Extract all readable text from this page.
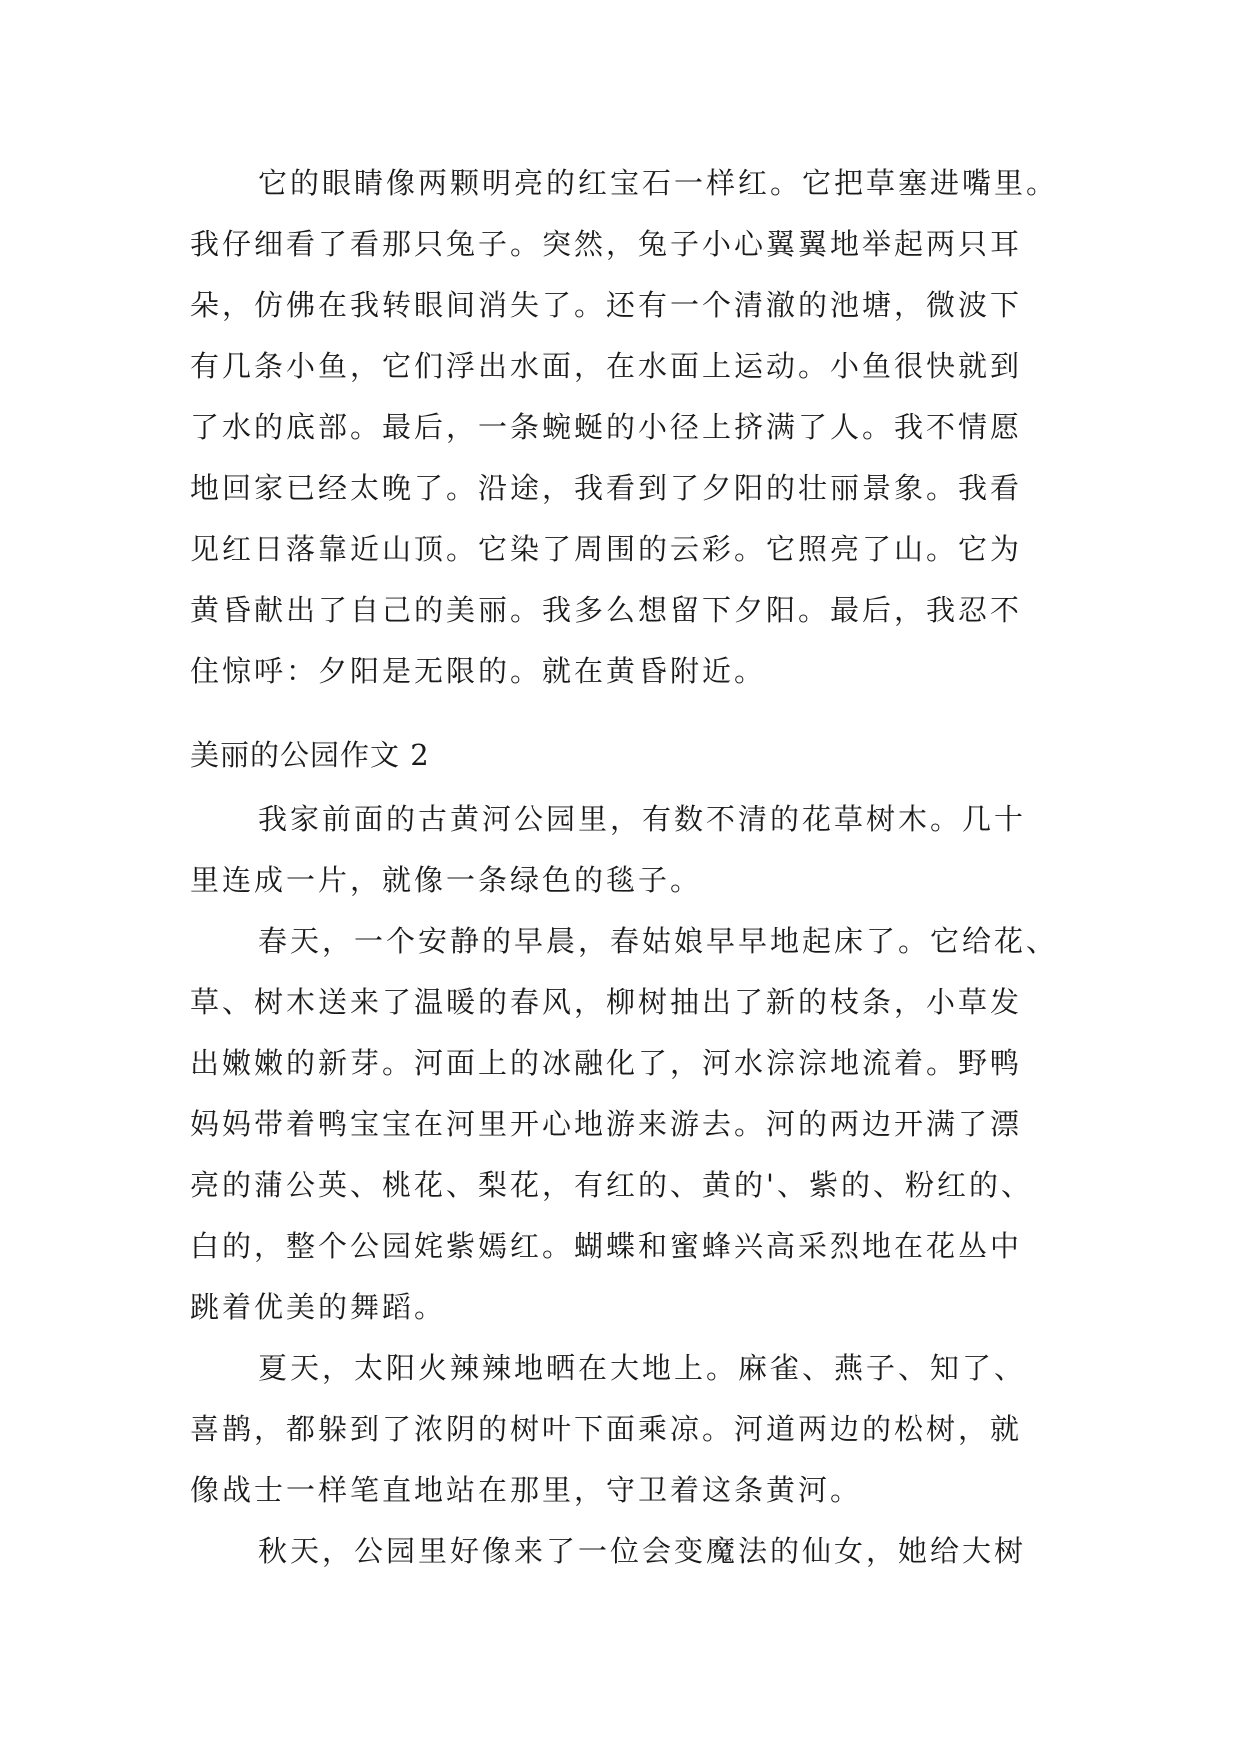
它的眼睛像两颗明亮的红宝石一样红。它把草塞进嘴里。
我仔细看了看那只兔子。突然，兔子小心翼翼地举起两只耳
朵，仿佛在我转眼间消失了。还有一个清澈的池塘，微波下
有几条小鱼，它们浮出水面，在水面上运动。小鱼很快就到
了水的底部。最后，一条蜿蜒的小径上挤满了人。我不情愿
地回家已经太晚了。沿途，我看到了夕阳的壮丽景象。我看
见红日落靠近山顶。它染了周围的云彩。它照亮了山。它为
黄昏献出了自己的美丽。我多么想留下夕阳。最后，我忍不
住惊呼：夕阳是无限的。就在黄昏附近。
美丽的公园作文 2
我家前面的古黄河公园里，有数不清的花草树木。几十
里连成一片，就像一条绿色的毯子。
春天，一个安静的早晨，春姑娘早早地起床了。它给花、
草、树木送来了温暖的春风，柳树抽出了新的枝条，小草发
出嫩嫩的新芽。河面上的冰融化了，河水淙淙地流着。野鸭
妈妈带着鸭宝宝在河里开心地游来游去。河的两边开满了漂
亮的蒲公英、桃花、梨花，有红的、黄的'、紫的、粉红的、
白的，整个公园姹紫嫣红。蝴蝶和蜜蜂兴高采烈地在花丛中
跳着优美的舞蹈。
夏天，太阳火辣辣地晒在大地上。麻雀、燕子、知了、
喜鹊，都躲到了浓阴的树叶下面乘凉。河道两边的松树，就
像战士一样笔直地站在那里，守卫着这条黄河。
秋天，公园里好像来了一位会变魔法的仙女，她给大树
